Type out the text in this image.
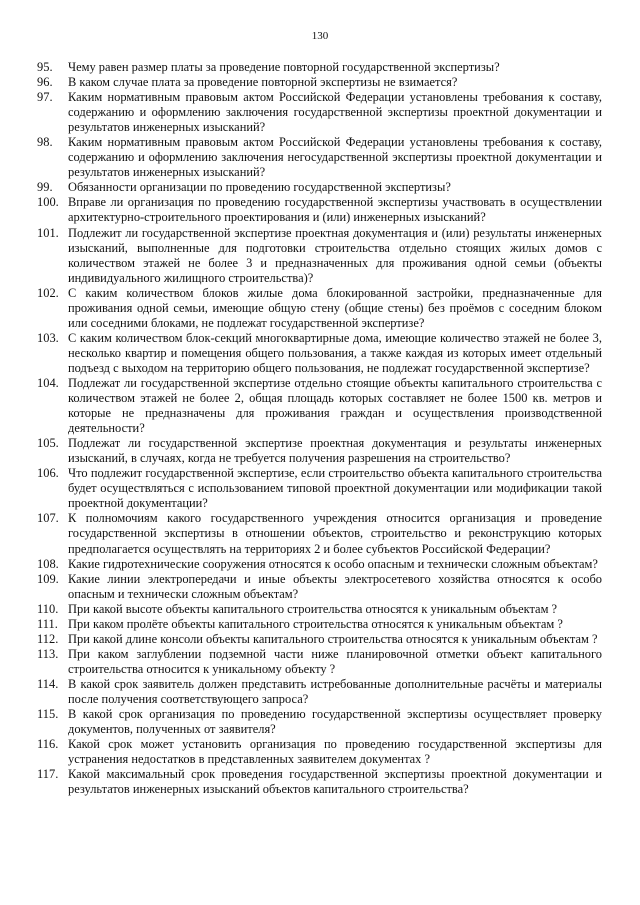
130
95.	Чему равен размер платы за проведение повторной государственной экспертизы?
96.	В каком случае плата за проведение повторной экспертизы не взимается?
97.	Каким нормативным правовым актом Российской Федерации установлены требования к составу, содержанию и оформлению заключения государственной экспертизы проектной документации и результатов инженерных изысканий?
98.	Каким нормативным правовым актом Российской Федерации установлены требования к составу, содержанию и оформлению заключения негосударственной экспертизы проектной документации и результатов инженерных изысканий?
99.	Обязанности организации по проведению государственной экспертизы?
100. Вправе ли организация по проведению государственной экспертизы участвовать в осуществлении архитектурно-строительного проектирования и (или) инженерных изысканий?
101. Подлежит ли государственной экспертизе проектная документация и (или) результаты инженерных изысканий, выполненные для подготовки строительства отдельно стоящих жилых домов с количеством этажей не более 3 и предназначенных для проживания одной семьи (объекты индивидуального жилищного строительства)?
102. С каким количеством блоков жилые дома блокированной застройки, предназначенные для проживания одной семьи, имеющие общую стену (общие стены) без проёмов с соседним блоком или соседними блоками, не подлежат государственной экспертизе?
103. С каким количеством блок-секций многоквартирные дома, имеющие количество этажей не более 3, несколько квартир и помещения общего пользования, а также каждая из которых имеет отдельный подъезд с выходом на территорию общего пользования, не подлежат государственной экспертизе?
104. Подлежат ли государственной экспертизе отдельно стоящие объекты капитального строительства с количеством этажей не более 2, общая площадь которых составляет не более 1500 кв. метров и которые не предназначены для проживания граждан и осуществления производственной деятельности?
105. Подлежат ли государственной экспертизе проектная документация и результаты инженерных изысканий, в случаях, когда не требуется получения разрешения на строительство?
106. Что подлежит государственной экспертизе, если строительство объекта капитального строительства будет осуществляться с использованием типовой проектной документации или модификации такой проектной документации?
107. К полномочиям какого государственного учреждения относится организация и проведение государственной экспертизы в отношении объектов, строительство и реконструкцию которых предполагается осуществлять на территориях 2 и более субъектов Российской Федерации?
108. Какие гидротехнические сооружения относятся к особо опасным и технически сложным объектам?
109. Какие линии электропередачи и иные объекты электросетевого хозяйства относятся к особо опасным и технически сложным объектам?
110. При какой высоте объекты капитального строительства относятся к уникальным объектам ?
111. При каком пролёте объекты капитального строительства относятся к уникальным объектам ?
112. При какой длине консоли объекты капитального строительства относятся к уникальным объектам ?
113. При каком заглублении подземной части ниже планировочной отметки объект капитального строительства относится к уникальному объекту ?
114. В какой срок заявитель должен представить истребованные дополнительные расчёты и материалы после получения соответствующего запроса?
115. В какой срок организация по проведению государственной экспертизы осуществляет проверку документов, полученных от заявителя?
116. Какой срок может установить организация по проведению государственной экспертизы для устранения недостатков в представленных заявителем документах ?
117. Какой максимальный срок проведения государственной экспертизы проектной документации и результатов инженерных изысканий объектов капитального строительства?
